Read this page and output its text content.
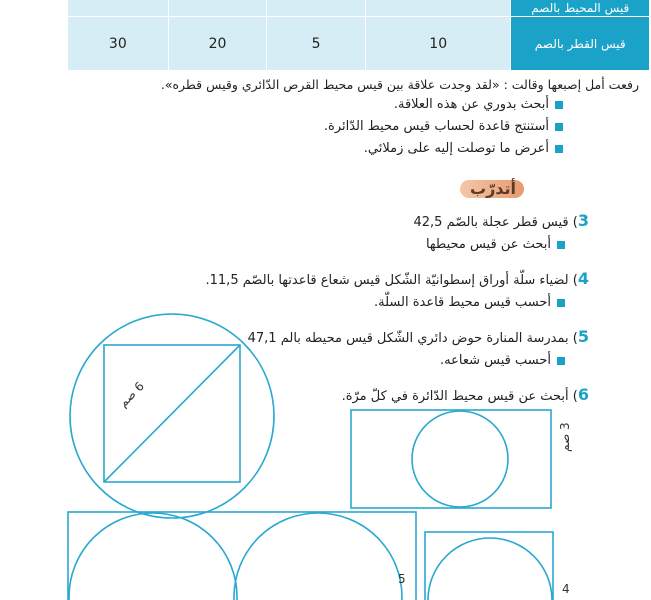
قيس المحيط بالصم
30	20	5	10	قيس القطر بالصم
رفعت أمل إصبعها وقالت : «لقد وجدت علاقة بين قيس محيط القرص الدّائري وقيس قطره».
أبحث بدوري عن هذه العلاقة.
أستنتج قاعدة لحساب قيس محيط الدّائرة.
أعرض ما توصلت إليه على زملائي.
أتدرّب
3) قيس قطر عجلة بالصّم 42,5
أبحث عن قيس محيطها
4) لضياء سلّة أوراق إسطوانيّة الشّكل قيس شعاع قاعدتها بالصّم 11,5.
أحسب قيس محيط قاعدة السلّة.
5) بمدرسة المنارة حوض دائري الشّكل قيس محيطه بالم 47,1
أحسب قيس شعاعه.
6) أبحث عن قيس محيط الدّائرة في كلّ مرّة.
6 صم
3 صم
5
4
